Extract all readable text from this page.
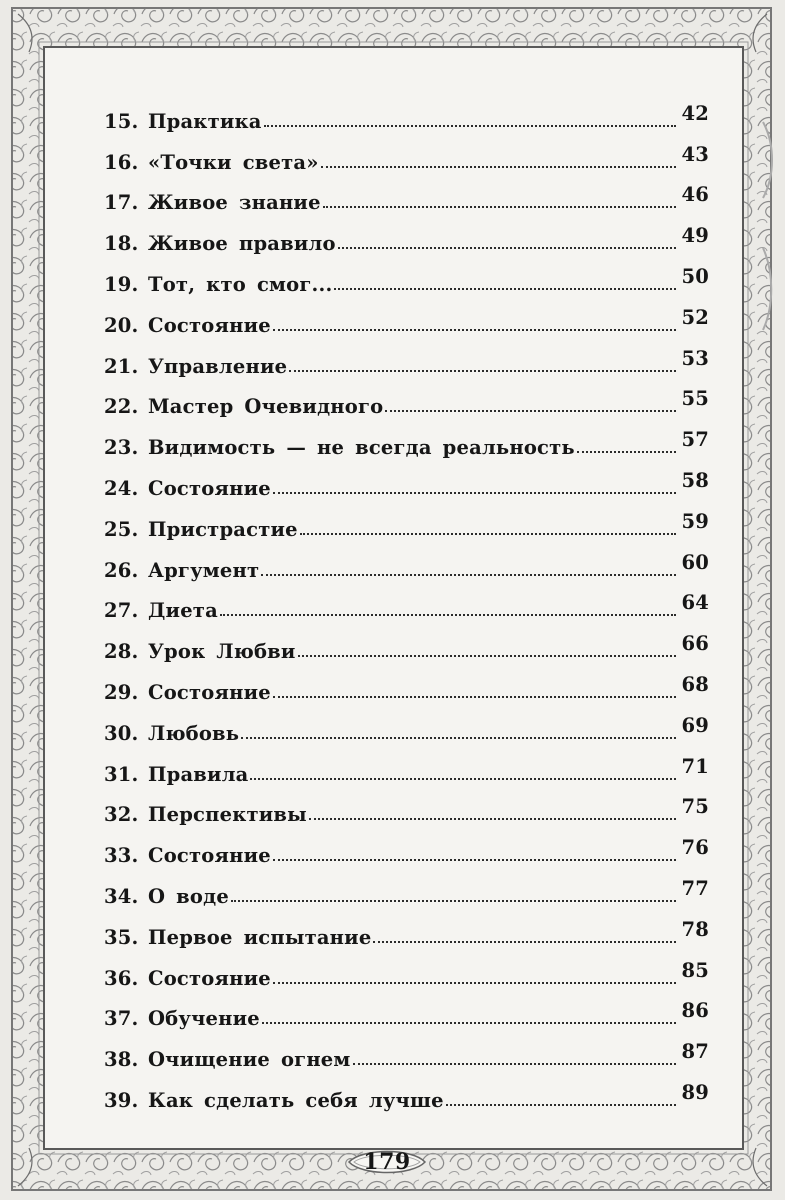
15. Практика	42
16. «Точки света»	43
17. Живое знание	46
18. Живое правило	49
19. Тот, кто смог...	50
20. Состояние	52
21. Управление	53
22. Мастер Очевидного	55
23. Видимость — не всегда реальность	57
24. Состояние	58
25. Пристрастие	59
26. Аргумент	60
27. Диета	64
28. Урок Любви	66
29. Состояние	68
30. Любовь	69
31. Правила	71
32. Перспективы	75
33. Состояние	76
34. О воде	77
35. Первое испытание	78
36. Состояние	85
37. Обучение	86
38. Очищение огнем	87
39. Как сделать себя лучше	89
179
